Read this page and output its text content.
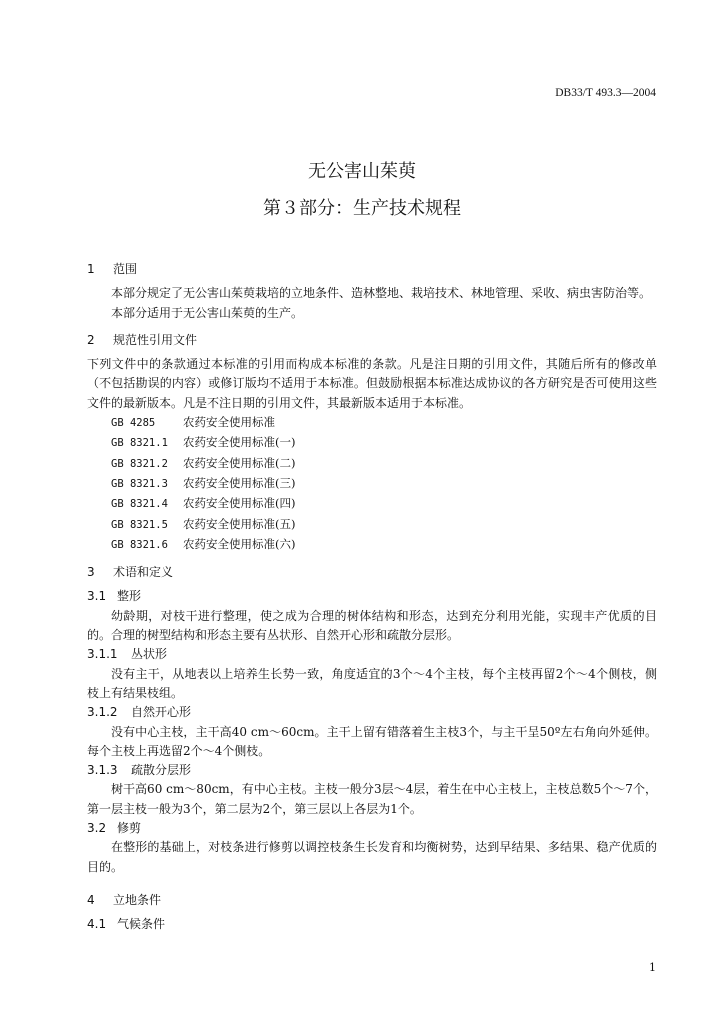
DB33/T 493.3—2004
无公害山茱萸
第３部分：生产技术规程
1 范围

本部分规定了无公害山茱萸栽培的立地条件、造林整地、栽培技术、林地管理、采收、病虫害防治等。

本部分适用于无公害山茱萸的生产。

2 规范性引用文件

下列文件中的条款通过本标准的引用而构成本标准的条款。凡是注日期的引用文件，其随后所有的修改单（不包括勘误的内容）或修订版均不适用于本标准。但鼓励根据本标准达成协议的各方研究是否可使用这些文件的最新版本。凡是不注日期的引用文件，其最新版本适用于本标准。

GB 4285 农药安全使用标准
GB 8321.1 农药安全使用标准(一)
GB 8321.2 农药安全使用标准(二)
GB 8321.3 农药安全使用标准(三)
GB 8321.4 农药安全使用标准(四)
GB 8321.5 农药安全使用标准(五)
GB 8321.6 农药安全使用标准(六)
3 术语和定义
3.1 整形

幼龄期，对枝干进行整理，使之成为合理的树体结构和形态，达到充分利用光能，实现丰产优质的目的。合理的树型结构和形态主要有丛状形、自然开心形和疏散分层形。

3.1.1 丛状形

没有主干，从地表以上培养生长势一致，角度适宜的3个～4个主枝，每个主枝再留2个～4个侧枝，侧枝上有结果枝组。

3.1.2 自然开心形

没有中心主枝，主干高40 cm～60cm。主干上留有错落着生主枝3个，与主干呈50º左右角向外延伸。每个主枝上再选留2个～4个侧枝。

3.1.3 疏散分层形

树干高60 cm～80cm，有中心主枝。主枝一般分3层～4层，着生在中心主枝上，主枝总数5个～7个，第一层主枝一般为3个，第二层为2个，第三层以上各层为1个。

3.2 修剪

在整形的基础上，对枝条进行修剪以调控枝条生长发育和均衡树势，达到早结果、多结果、稳产优质的目的。

4 立地条件
4.1 气候条件
1
